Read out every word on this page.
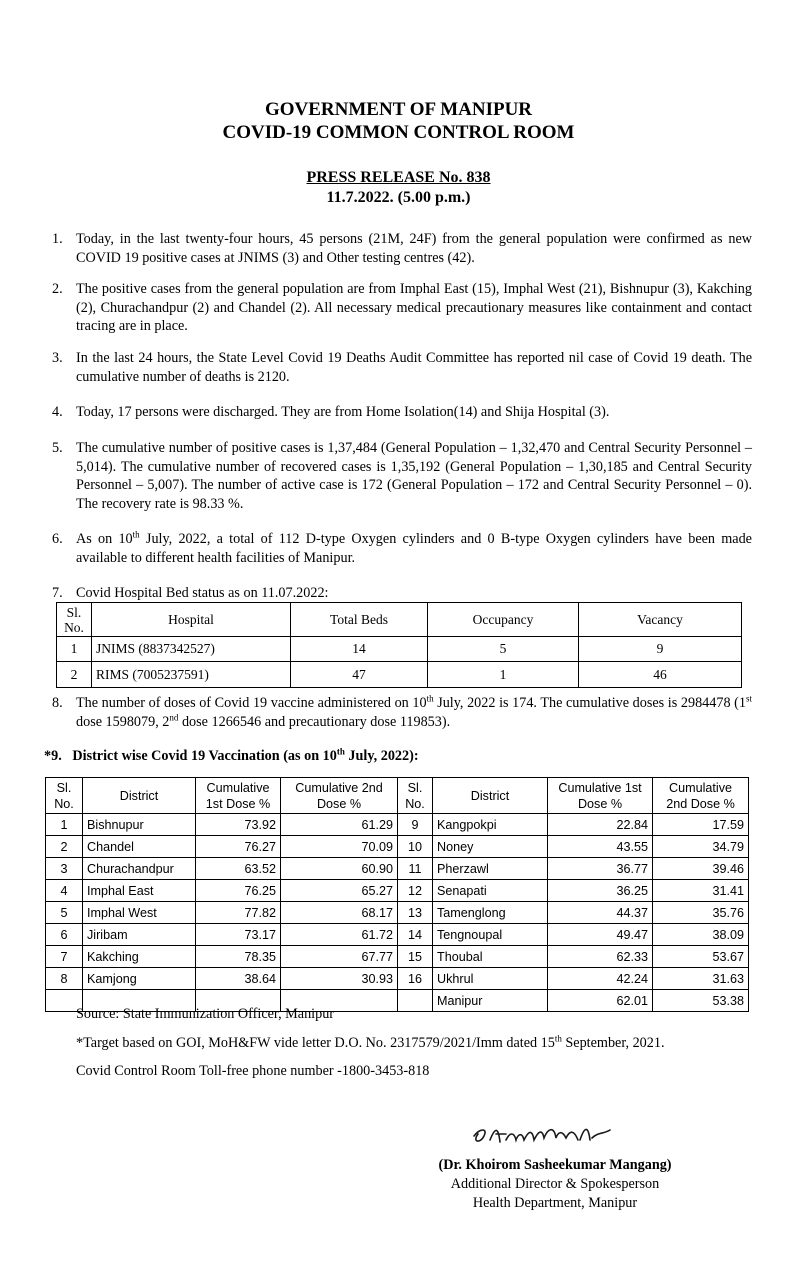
GOVERNMENT OF MANIPUR
COVID-19 COMMON CONTROL ROOM
PRESS RELEASE No. 838
11.7.2022. (5.00 p.m.)
1. Today, in the last twenty-four hours, 45 persons (21M, 24F) from the general population were confirmed as new COVID 19 positive cases at JNIMS (3) and Other testing centres (42).
2. The positive cases from the general population are from Imphal East (15), Imphal West (21), Bishnupur (3), Kakching (2), Churachandpur (2) and Chandel (2). All necessary medical precautionary measures like containment and contact tracing are in place.
3. In the last 24 hours, the State Level Covid 19 Deaths Audit Committee has reported nil case of Covid 19 death. The cumulative number of deaths is 2120.
4. Today, 17 persons were discharged. They are from Home Isolation(14) and Shija Hospital (3).
5. The cumulative number of positive cases is 1,37,484 (General Population – 1,32,470 and Central Security Personnel – 5,014). The cumulative number of recovered cases is 1,35,192 (General Population – 1,30,185 and Central Security Personnel – 5,007). The number of active case is 172 (General Population – 172 and Central Security Personnel – 0). The recovery rate is 98.33 %.
6. As on 10th July, 2022, a total of 112 D-type Oxygen cylinders and 0 B-type Oxygen cylinders have been made available to different health facilities of Manipur.
7. Covid Hospital Bed status as on 11.07.2022:
Sl. No.	Hospital	Total Beds	Occupancy	Vacancy
1	JNIMS (8837342527)	14	5	9
2	RIMS (7005237591)	47	1	46
8. The number of doses of Covid 19 vaccine administered on 10th July, 2022 is 174. The cumulative doses is 2984478 (1st dose 1598079, 2nd dose 1266546 and precautionary dose 119853).
*9.   District wise Covid 19 Vaccination (as on 10th July, 2022):
Sl. No.	District	Cumulative 1st Dose %	Cumulative 2nd Dose %	Sl. No.	District	Cumulative 1st Dose %	Cumulative 2nd Dose %
1	Bishnupur	73.92	61.29	9	Kangpokpi	22.84	17.59
2	Chandel	76.27	70.09	10	Noney	43.55	34.79
3	Churachandpur	63.52	60.90	11	Pherzawl	36.77	39.46
4	Imphal East	76.25	65.27	12	Senapati	36.25	31.41
5	Imphal West	77.82	68.17	13	Tamenglong	44.37	35.76
6	Jiribam	73.17	61.72	14	Tengnoupal	49.47	38.09
7	Kakching	78.35	67.77	15	Thoubal	62.33	53.67
8	Kamjong	38.64	30.93	16	Ukhrul	42.24	31.63
					Manipur	62.01	53.38
Source: State Immunization Officer, Manipur
*Target based on GOI, MoH&FW vide letter D.O. No. 2317579/2021/Imm dated 15th September, 2021.
Covid Control Room Toll-free phone number -1800-3453-818
(Dr. Khoirom Sasheekumar Mangang)
Additional Director & Spokesperson
Health Department, Manipur
